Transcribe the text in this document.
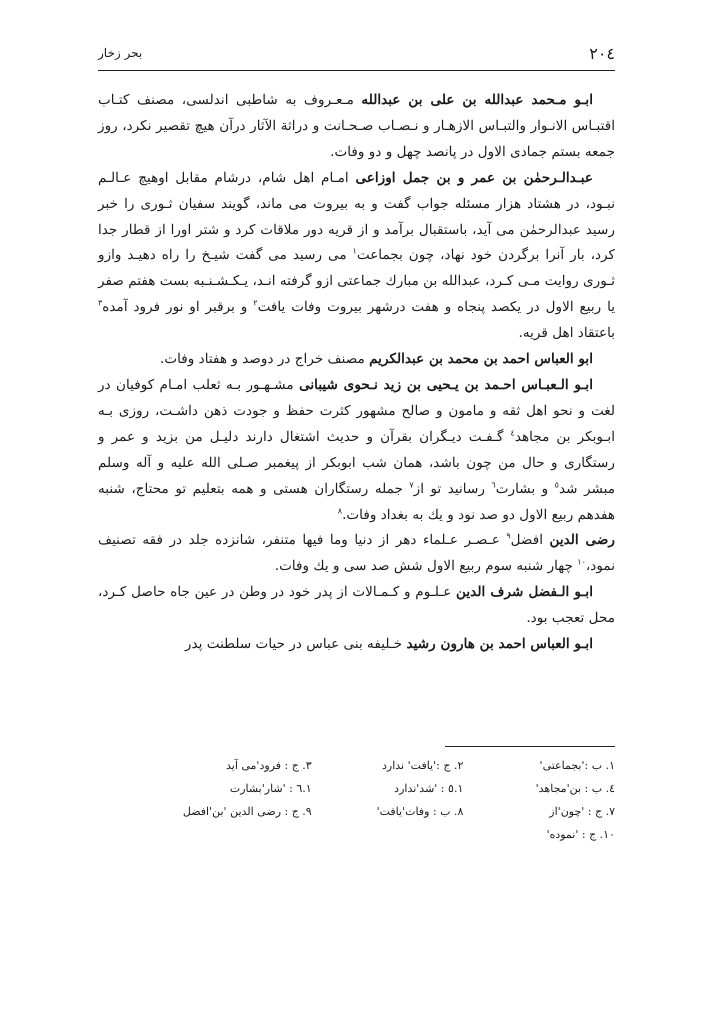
۲۰٤
بحر زخار

ابـو مـحمد عبدالله بن علی بن عبدالله مـعـروف به شاطبی اندلسی، مصنف کتـاب اقتبـاس الانـوار والتبـاس الازهـار و نـصـاب صـحـانت و دراثة الآثار درآن هیچ تقصیر نکرد، روز جمعه بستم جمادی الاول در پانصد چهل و دو وفات.

عبـدالـرحمٰن بن عمر و بن جمل اوزاعی امـام اهل شام، درشام مقابل اوهیچ عـالـم نبـود، در هشتاد هزار مسئله جواب گفت و به بیروت می ماند، گویند سفیان ثـوری را خبر رسید عبدالرحمٰن می آید، باستقبال برآمد و از قریه دور ملاقات کرد و شتر اورا از قطار جدا کرد، بار آنرا برگردن خود نهاد، چون بجماعت$^۱$ می رسید می گفت شیـخ را راه دهیـد وازو ثـوری روایت مـی کـرد، عبدالله بن مبارك جماعتی ازو گرفته انـد، یـکـشـنـبه بست هفتم صفر یا ربیع الاول در یکصد پنجاه و هفت درشهر بیروت وفات یافت$^۲$ و برقبر او نور فرود آمده$^۳$ باعتقاد اهل قریه.

ابو العباس احمد بن محمد بن عبدالکریم مصنف خراج در دوصد و هفتاد وفات.

ابـو الـعبـاس احـمد بن یـحیی بن زید نـحوی شیبانی مشـهـور بـه ثعلب امـام کوفیان در لغت و نحو اهل ثقه و مامون و صالح مشهور کثرت حفظ و جودت ذهن داشـت، روزی بـه ابـوبکر بن مجاهد$^٤$ گـفـت دیـگران بقرآن و حدیث اشتغال دارند دلیـل من بزید و عمر و رستگاری و حال من چون باشد، همان شب ابوبکر از پیغمبر صـلی الله علیه و آله وسلم مبشر شد$^٥$ و بشارت$^٦$ رسانید تو از$^۷$ جمله رستگاران هستی و همه بتعلیم تو محتاج، شنبه هفدهم ربیع الاول دو صد نود و یك به بغداد وفات.$^۸$

رضی الدین افضل$^۹$ عـصـر عـلماء دهر از دنیا وما فیها متنفر، شانزده جلد در فقه تصنیف نمود،$^{۱۰}$ چهار شنبه سوم ربیع الاول شش صد سی و یك وفات.

ابـو الـفضل شرف الدین عـلـوم و کـمـالات از پدر خود در وطن در عین جاه حاصل کـرد، محل تعجب بود.

ابـو العباس احمد بن هارون رشید خـلیفه بنی عباس در حیات سلطنت پدر

۱. ب :'بجماعتی'
۲. ج :'یافت' ندارد
۳. ج : فرود'می آید
٤. ب : بن'مجاهد'
۱.٥ : 'شد'ندارد
۱.٦ : 'شار'بشارت
۷. ج : 'چون'از
۸. ب : وفات'یافت'
۹. ج : رضی الدین 'بن'افضل
۱۰. ج : 'نموده'
